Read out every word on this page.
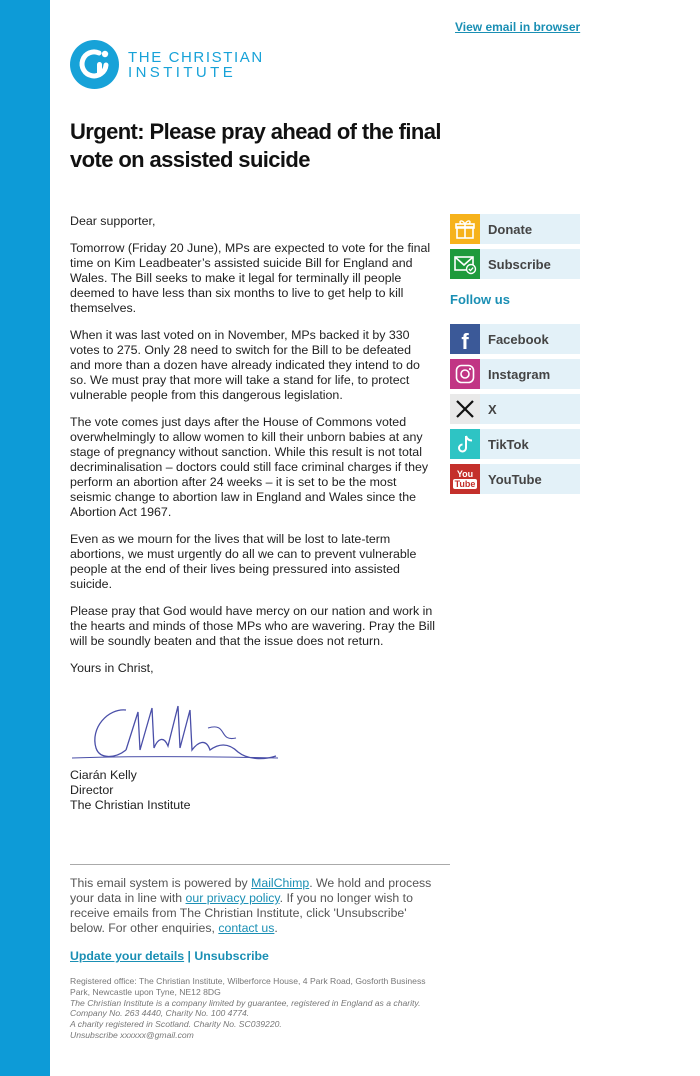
View email in browser
THE CHRISTIAN
INSTITUTE
Urgent: Please pray ahead of the final vote on assisted suicide

Dear supporter,

Tomorrow (Friday 20 June), MPs are expected to vote for the final time on Kim Leadbeater’s assisted suicide Bill for England and Wales. The Bill seeks to make it legal for terminally ill people deemed to have less than six months to live to get help to kill themselves.

When it was last voted on in November, MPs backed it by 330 votes to 275. Only 28 need to switch for the Bill to be defeated and more than a dozen have already indicated they intend to do so. We must pray that more will take a stand for life, to protect vulnerable people from this dangerous legislation.

The vote comes just days after the House of Commons voted overwhelmingly to allow women to kill their unborn babies at any stage of pregnancy without sanction. While this result is not total decriminalisation – doctors could still face criminal charges if they perform an abortion after 24 weeks – it is set to be the most seismic change to abortion law in England and Wales since the Abortion Act 1967.

Even as we mourn for the lives that will be lost to late-term abortions, we must urgently do all we can to prevent vulnerable people at the end of their lives being pressured into assisted suicide.

Please pray that God would have mercy on our nation and work in the hearts and minds of those MPs who are wavering. Pray the Bill will be soundly beaten and that the issue does not return.

Yours in Christ,

Ciarán Kelly
Director
The Christian Institute
Donate
Subscribe
Follow us
f Facebook
Instagram
X
TikTok
You
Tube YouTube
This email system is powered by MailChimp. We hold and process your data in line with our privacy policy. If you no longer wish to receive emails from The Christian Institute, click 'Unsubscribe' below. For other enquiries, contact us.
Update your details | Unsubscribe
Registered office: The Christian Institute, Wilberforce House, 4 Park Road, Gosforth Business Park, Newcastle upon Tyne, NE12 8DG
The Christian Institute is a company limited by guarantee, registered in England as a charity.
Company No. 263 4440, Charity No. 100 4774.
A charity registered in Scotland. Charity No. SC039220.
Unsubscribe xxxxxx@gmail.com
